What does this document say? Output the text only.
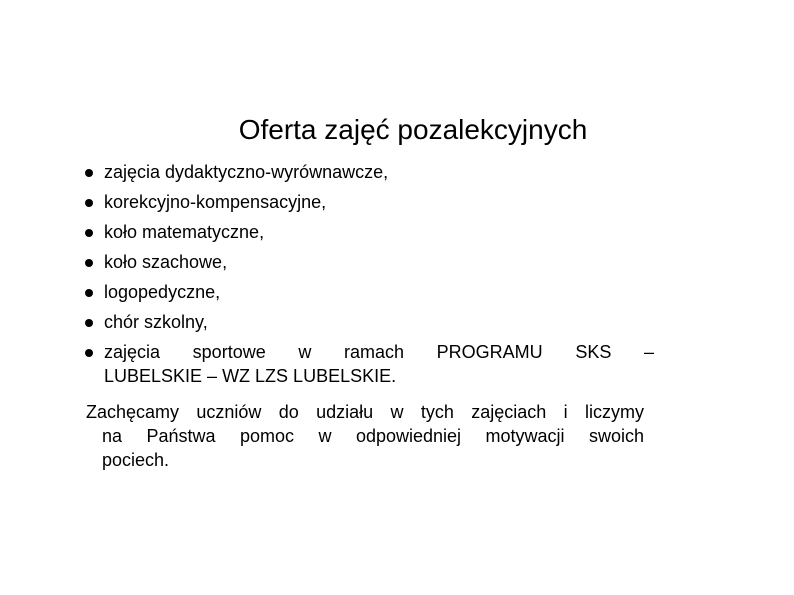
Oferta zajęć pozalekcyjnych
zajęcia dydaktyczno-wyrównawcze,
korekcyjno-kompensacyjne,
koło matematyczne,
koło szachowe,
logopedyczne,
chór szkolny,
zajęcia sportowe w ramach PROGRAMU SKS –
LUBELSKIE – WZ LZS LUBELSKIE.

Zachęcamy uczniów do udziału w tych zajęciach i liczymy
na Państwa pomoc w odpowiedniej motywacji swoich
pociech.
